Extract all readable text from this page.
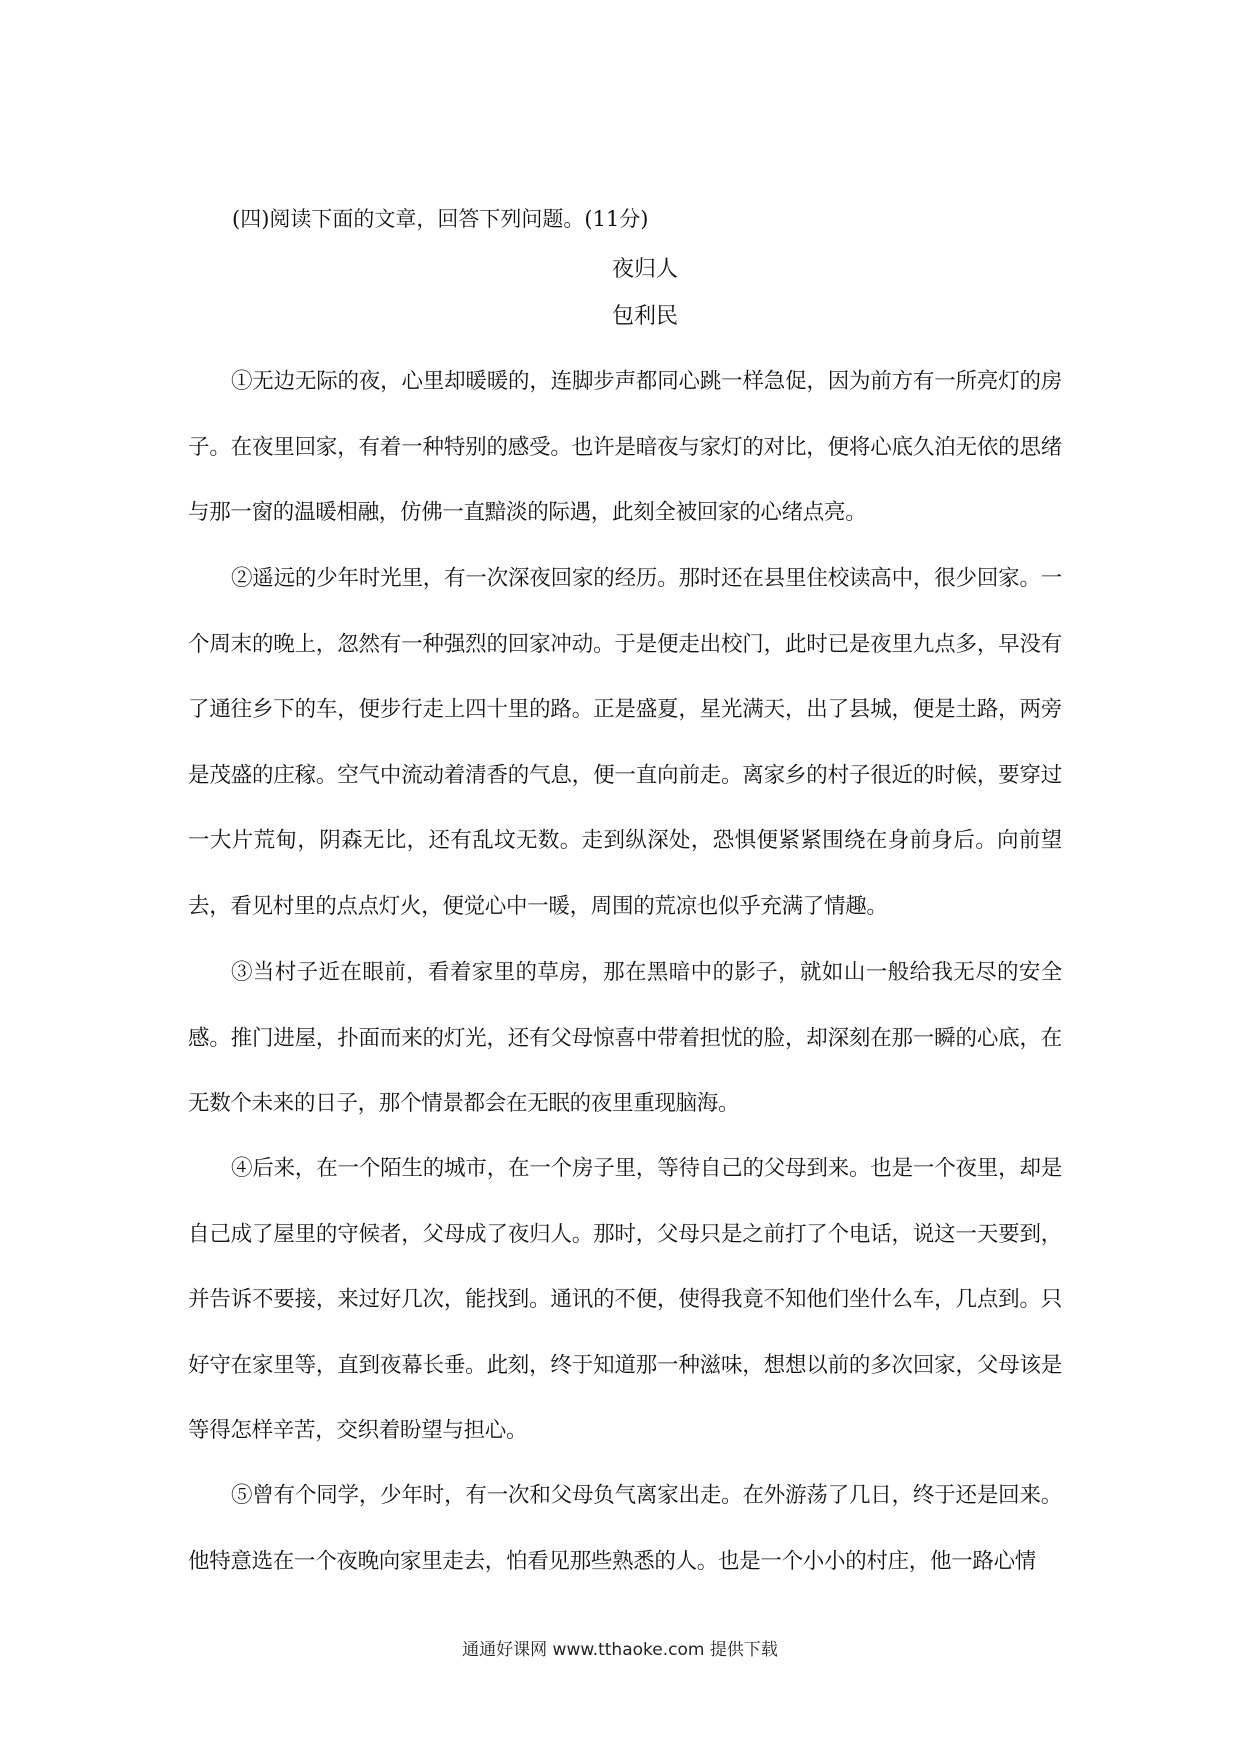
(四)阅读下面的文章，回答下列问题。(11分)
夜归人
包利民
①无边无际的夜，心里却暖暖的，连脚步声都同心跳一样急促，因为前方有一所亮灯的房子。在夜里回家，有着一种特别的感受。也许是暗夜与家灯的对比，便将心底久泊无依的思绪与那一窗的温暖相融，仿佛一直黯淡的际遇，此刻全被回家的心绪点亮。
②遥远的少年时光里，有一次深夜回家的经历。那时还在县里住校读高中，很少回家。一个周末的晚上，忽然有一种强烈的回家冲动。于是便走出校门，此时已是夜里九点多，早没有了通往乡下的车，便步行走上四十里的路。正是盛夏，星光满天，出了县城，便是土路，两旁是茂盛的庄稼。空气中流动着清香的气息，便一直向前走。离家乡的村子很近的时候，要穿过一大片荒甸，阴森无比，还有乱坟无数。走到纵深处，恐惧便紧紧围绕在身前身后。向前望去，看见村里的点点灯火，便觉心中一暖，周围的荒凉也似乎充满了情趣。
③当村子近在眼前，看着家里的草房，那在黑暗中的影子，就如山一般给我无尽的安全感。推门进屋，扑面而来的灯光，还有父母惊喜中带着担忧的脸，却深刻在那一瞬的心底，在无数个未来的日子，那个情景都会在无眠的夜里重现脑海。
④后来，在一个陌生的城市，在一个房子里，等待自己的父母到来。也是一个夜里，却是自己成了屋里的守候者，父母成了夜归人。那时，父母只是之前打了个电话，说这一天要到，并告诉不要接，来过好几次，能找到。通讯的不便，使得我竟不知他们坐什么车，几点到。只好守在家里等，直到夜幕长垂。此刻，终于知道那一种滋味，想想以前的多次回家，父母该是等得怎样辛苦，交织着盼望与担心。
⑤曾有个同学，少年时，有一次和父母负气离家出走。在外游荡了几日，终于还是回来。他特意选在一个夜晚向家里走去，怕看见那些熟悉的人。也是一个小小的村庄，他一路心情
通通好课网 www.tthaoke.com 提供下载
